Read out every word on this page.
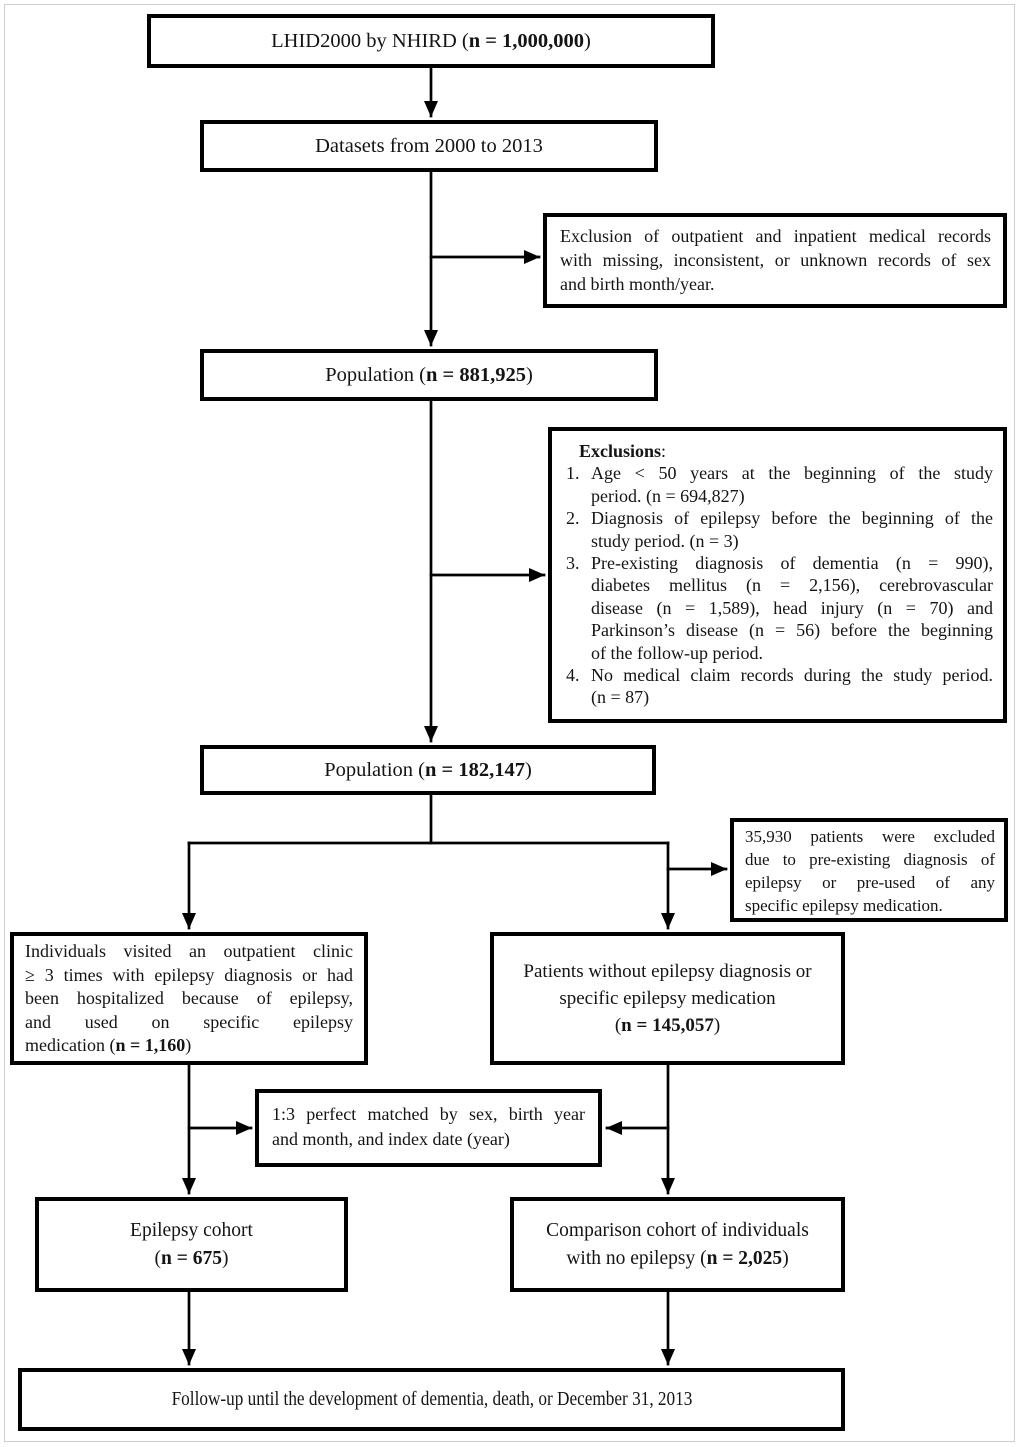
LHID2000 by NHIRD (n = 1,000,000)
Datasets from 2000 to 2013
Exclusion of outpatient and inpatient medical records
with missing, inconsistent, or unknown records of sex
and birth month/year.
Population (n = 881,925)
Exclusions:
1. Age < 50 years at the beginning of the study
period. (n = 694,827)
2. Diagnosis of epilepsy before the beginning of the
study period. (n = 3)
3. Pre-existing diagnosis of dementia (n = 990),
diabetes mellitus (n = 2,156), cerebrovascular
disease (n = 1,589), head injury (n = 70) and
Parkinson’s disease (n = 56) before the beginning
of the follow-up period.
4. No medical claim records during the study period.
(n = 87)
Population (n = 182,147)
35,930 patients were excluded
due to pre-existing diagnosis of
epilepsy or pre-used of any
specific epilepsy medication.
Individuals visited an outpatient clinic
≥ 3 times with epilepsy diagnosis or had
been hospitalized because of epilepsy,
and used on specific epilepsy
medication (n = 1,160)
Patients without epilepsy diagnosis or
specific epilepsy medication
(n = 145,057)
1:3 perfect matched by sex, birth year
and month, and index date (year)
Epilepsy cohort
(n = 675)
Comparison cohort of individuals
with no epilepsy (n = 2,025)
Follow-up until the development of dementia, death, or December 31, 2013
